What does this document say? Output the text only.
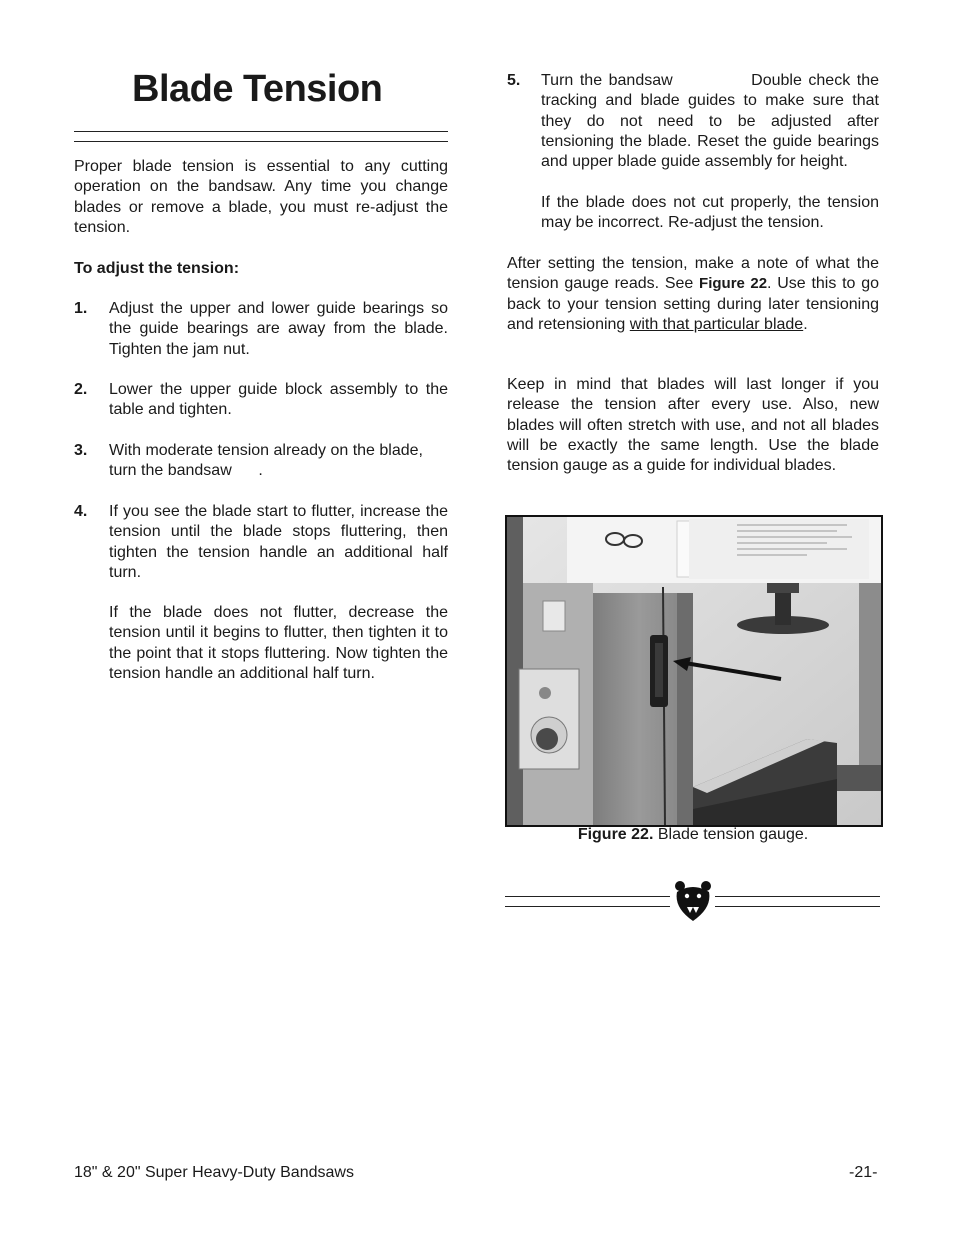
Blade Tension

Proper blade tension is essential to any cutting operation on the bandsaw. Any time you change blades or remove a blade, you must re-adjust the tension.

To adjust the tension:

1. Adjust the upper and lower guide bearings so the guide bearings are away from the blade. Tighten the jam nut.
2. Lower the upper guide block assembly to the table and tighten.
3. With moderate tension already on the blade, turn the bandsaw      .
4. If you see the blade start to flutter, increase the tension until the blade stops fluttering, then tighten the tension handle an additional half turn.
If the blade does not flutter, decrease the tension until it begins to flutter, then tighten it to the point that it stops fluttering. Now tighten the tension handle an additional half turn.
5. Turn the bandsaw            Double check the tracking and blade guides to make sure that they do not need to be adjusted after tensioning the blade. Reset the guide bearings and upper blade guide assembly for height.
If the blade does not cut properly, the tension may be incorrect. Re-adjust the tension.

After setting the tension, make a note of what the tension gauge reads. See Figure 22. Use this to go back to your tension setting during later tensioning and retensioning with that particular blade.

Keep in mind that blades will last longer if you release the tension after every use. Also, new blades will often stretch with use, and not all blades will be exactly the same length. Use the blade tension gauge as a guide for individual blades.

Figure 22. Blade tension gauge.
18" & 20" Super Heavy-Duty Bandsaws	-21-
